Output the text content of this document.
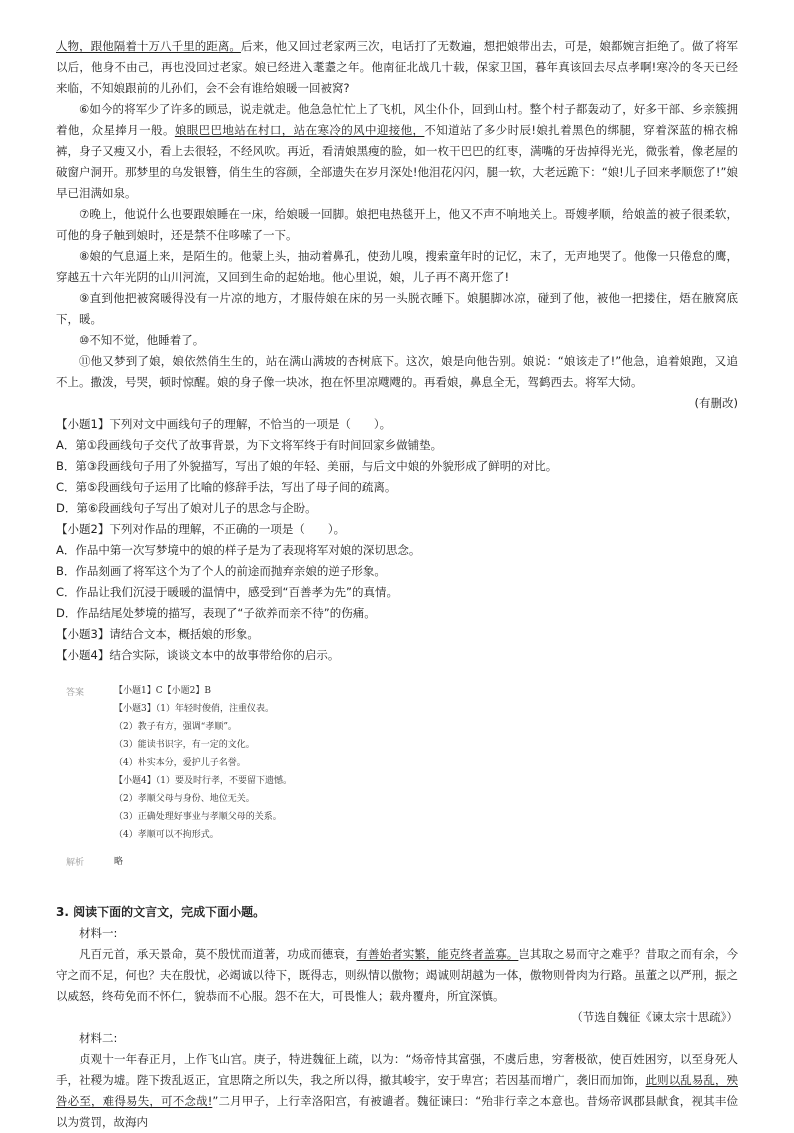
人物，跟他隔着十万八千里的距离。后来，他又回过老家两三次，电话打了无数遍，想把娘带出去，可是，娘都婉言拒绝了。做了将军以后，他身不由己，再也没回过老家。娘已经进入耄耋之年。他南征北战几十载，保家卫国，暮年真该回去尽点孝啊!寒冷的冬天已经来临，不知娘跟前的儿孙们，会不会有谁给娘暖一回被窝?

⑥如今的将军少了许多的顾忌，说走就走。他急急忙忙上了飞机，风尘仆仆，回到山村。整个村子都轰动了，好多干部、乡亲簇拥着他，众星捧月一般。娘眼巴巴地站在村口，站在寒冷的风中迎接他，不知道站了多少时辰!娘扎着黑色的绑腿，穿着深蓝的棉衣棉裤，身子又瘦又小，看上去很轻，不经风吹。再近，看清娘黑瘦的脸，如一枚干巴巴的红枣，满嘴的牙齿掉得光光，微张着，像老屋的破窗户洞开。那梦里的乌发银簪，俏生生的容颜，全部遗失在岁月深处!他泪花闪闪，腿一软，大老远跪下：“娘!儿子回来孝顺您了!”娘早已泪满如泉。

⑦晚上，他说什么也要跟娘睡在一床，给娘暖一回脚。娘把电热毯开上，他又不声不响地关上。哥嫂孝顺，给娘盖的被子很柔软，可他的身子触到娘时，还是禁不住哆嗦了一下。

⑧娘的气息逼上来，是陌生的。他蒙上头，抽动着鼻孔，使劲儿嗅，搜索童年时的记忆，末了，无声地哭了。他像一只倦怠的鹰，穿越五十六年光阴的山川河流，又回到生命的起始地。他心里说，娘，儿子再不离开您了!

⑨直到他把被窝暖得没有一片凉的地方，才服侍娘在床的另一头脱衣睡下。娘腿脚冰凉，碰到了他，被他一把搂住，焐在腋窝底下，暖。

⑩不知不觉，他睡着了。

⑪他又梦到了娘，娘依然俏生生的，站在满山满坡的杏树底下。这次，娘是向他告别。娘说：“娘该走了!”他急，追着娘跑，又追不上。撒泼，号哭，顿时惊醒。娘的身子像一块冰，抱在怀里凉飕飕的。再看娘，鼻息全无，驾鹤西去。将军大恸。

(有删改)

【小题1】下列对文中画线句子的理解，不恰当的一项是（　　）。

A．第①段画线句子交代了故事背景，为下文将军终于有时间回家乡做铺垫。

B．第③段画线句子用了外貌描写，写出了娘的年轻、美丽，与后文中娘的外貌形成了鲜明的对比。

C．第⑤段画线句子运用了比喻的修辞手法，写出了母子间的疏离。

D．第⑥段画线句子写出了娘对儿子的思念与企盼。

【小题2】下列对作品的理解，不正确的一项是（　　）。

A．作品中第一次写梦境中的娘的样子是为了表现将军对娘的深切思念。

B．作品刻画了将军这个为了个人的前途而抛弃亲娘的逆子形象。

C．作品让我们沉浸于暖暖的温情中，感受到“百善孝为先”的真情。

D．作品结尾处梦境的描写，表现了“子欲养而亲不待”的伤痛。

【小题3】请结合文本，概括娘的形象。

【小题4】结合实际，谈谈文本中的故事带给你的启示。

答案	【小题1】C【小题2】B
【小题3】（1）年轻时俊俏，注重仪表。
（2）教子有方，强调“孝顺”。
（3）能读书识字，有一定的文化。
（4）朴实本分，爱护儿子名誉。
【小题4】（1）要及时行孝，不要留下遗憾。
（2）孝顺父母与身份、地位无关。
（3）正确处理好事业与孝顺父母的关系。
（4）孝顺可以不拘形式。
解析	略

3. 阅读下面的文言文，完成下面小题。

材料一:

凡百元首，承天景命，莫不殷忧而道著，功成而德衰，有善始者实繁，能克终者盖寡。岂其取之易而守之难乎？昔取之而有余，今守之而不足，何也？夫在殷忧，必竭诚以待下，既得志，则纵情以傲物；竭诚则胡越为一体，傲物则骨肉为行路。虽董之以严刑，振之以威怒，终苟免而不怀仁，貌恭而不心服。怨不在大，可畏惟人；载舟覆舟，所宜深慎。

（节选自魏征《谏太宗十思疏》）

材料二:

贞观十一年春正月，上作飞山宫。庚子，特进魏征上疏，以为：“炀帝恃其富强，不虞后患，穷奢极欲，使百姓困穷，以至身死人手，社稷为墟。陛下拨乱返正，宜思隋之所以失，我之所以得，撤其峻宇，安于卑宫；若因基而增广，袭旧而加饰，此则以乱易乱，殃咎必至，难得易失，可不念哉!”二月甲子，上行幸洛阳宫，有被谴者。魏征谏曰：“殆非行幸之本意也。昔炀帝讽郡县献食，视其丰俭以为赏罚，故海内
